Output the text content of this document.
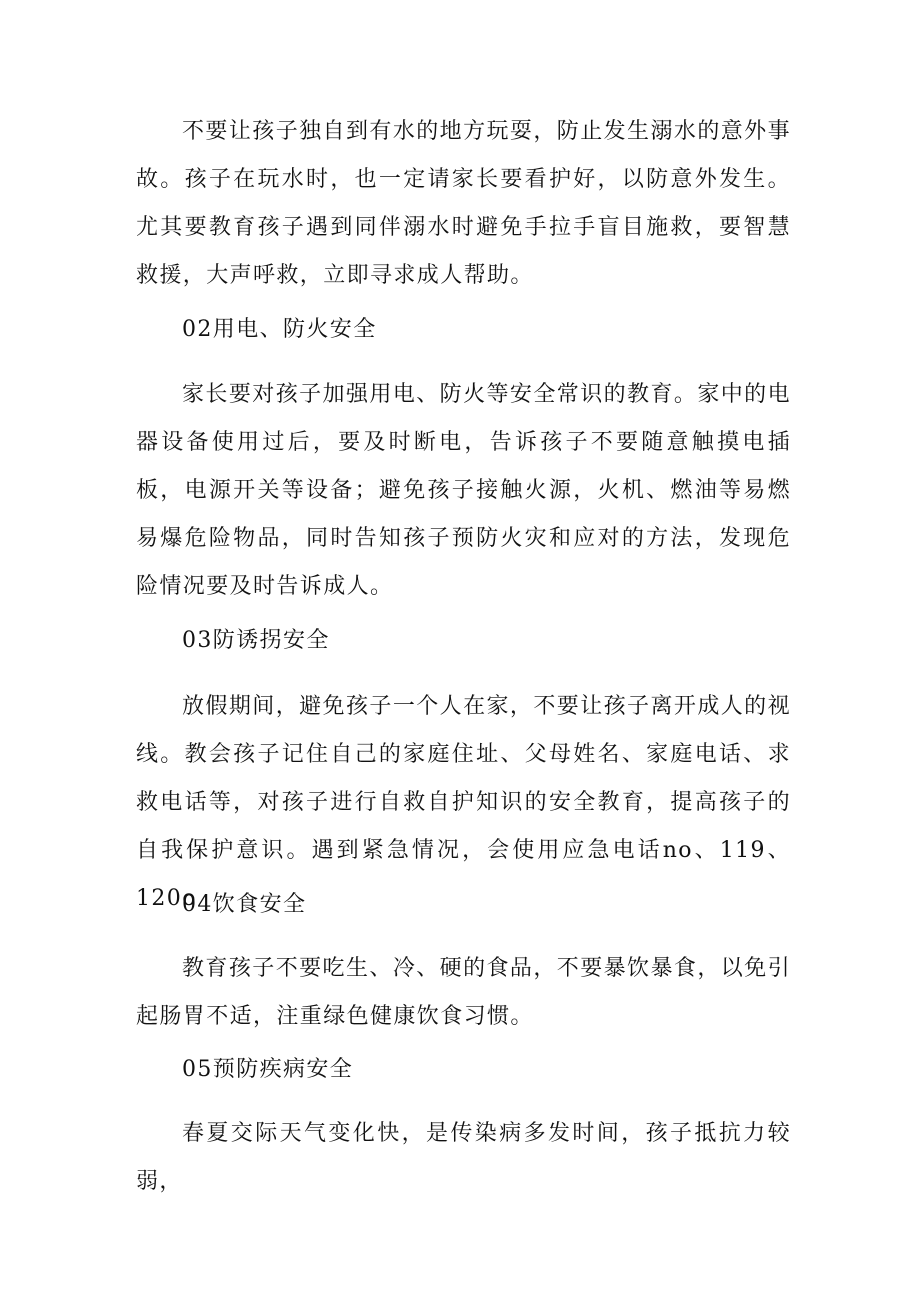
不要让孩子独自到有水的地方玩耍，防止发生溺水的意外事故。孩子在玩水时，也一定请家长要看护好，以防意外发生。尤其要教育孩子遇到同伴溺水时避免手拉手盲目施救，要智慧救援，大声呼救，立即寻求成人帮助。
02用电、防火安全
家长要对孩子加强用电、防火等安全常识的教育。家中的电器设备使用过后，要及时断电，告诉孩子不要随意触摸电插板，电源开关等设备；避免孩子接触火源，火机、燃油等易燃易爆危险物品，同时告知孩子预防火灾和应对的方法，发现危险情况要及时告诉成人。
03防诱拐安全
放假期间，避免孩子一个人在家，不要让孩子离开成人的视线。教会孩子记住自己的家庭住址、父母姓名、家庭电话、求救电话等，对孩子进行自救自护知识的安全教育，提高孩子的自我保护意识。遇到紧急情况，会使用应急电话no、119、120o
04饮食安全
教育孩子不要吃生、冷、硬的食品，不要暴饮暴食，以免引起肠胃不适，注重绿色健康饮食习惯。
05预防疾病安全
春夏交际天气变化快，是传染病多发时间，孩子抵抗力较弱，
